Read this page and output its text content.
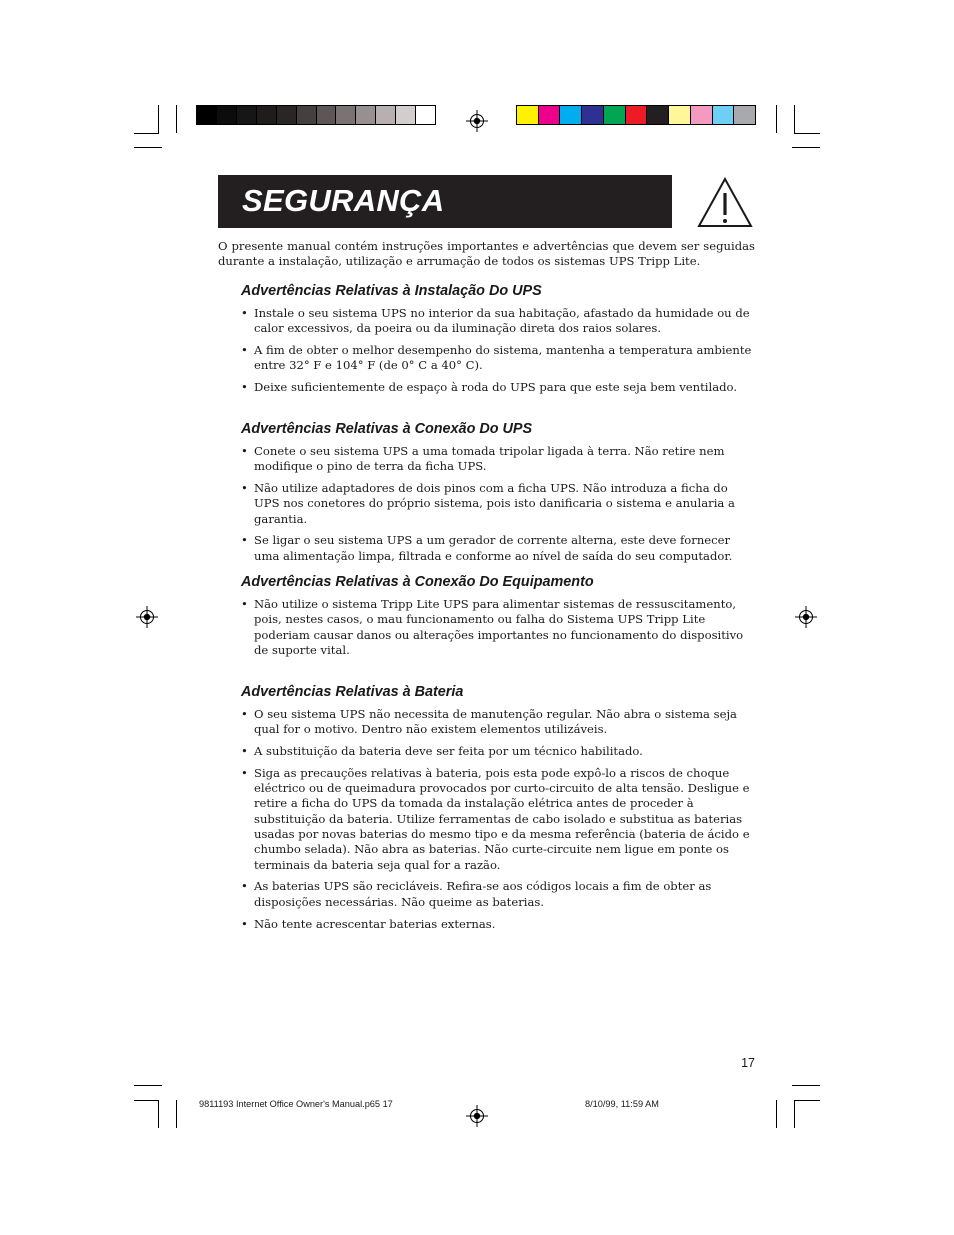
SEGURANÇA
O presente manual contém instruções importantes e advertências que devem ser seguidas durante a instalação, utilização e arrumação de todos os sistemas UPS Tripp Lite.
Advertências Relativas à Instalação Do UPS
• Instale o seu sistema UPS no interior da sua habitação, afastado da humidade ou de calor excessivos, da poeira ou da iluminação direta dos raios solares.
• A fim de obter o melhor desempenho do sistema, mantenha a temperatura ambiente entre 32° F e 104° F (de 0° C a 40° C).
• Deixe suficientemente de espaço à roda do UPS para que este seja bem ventilado.
Advertências Relativas à Conexão Do UPS
• Conete o seu sistema UPS a uma tomada tripolar ligada à terra. Não retire nem modifique o pino de terra da ficha UPS.
• Não utilize adaptadores de dois pinos com a ficha UPS. Não introduza a ficha do UPS nos conetores do próprio sistema, pois isto danificaria o sistema e anularia a garantia.
• Se ligar o seu sistema UPS a um gerador de corrente alterna, este deve fornecer uma alimentação limpa, filtrada e conforme ao nível de saída do seu computador.
Advertências Relativas à Conexão Do Equipamento
• Não utilize o sistema Tripp Lite UPS para alimentar sistemas de ressuscitamento, pois, nestes casos, o mau funcionamento ou falha do Sistema UPS Tripp Lite poderiam causar danos ou alterações importantes no funcionamento do dispositivo de suporte vital.
Advertências Relativas à Bateria
• O seu sistema UPS não necessita de manutenção regular. Não abra o sistema seja qual for o motivo. Dentro não existem elementos utilizáveis.
• A substituição da bateria deve ser feita por um técnico habilitado.
• Siga as precauções relativas à bateria, pois esta pode expô-lo a riscos de choque eléctrico ou de queimadura provocados por curto-circuito de alta tensão. Desligue e retire a ficha do UPS da tomada da instalação elétrica antes de proceder à substituição da bateria. Utilize ferramentas de cabo isolado e substitua as baterias usadas por novas baterias do mesmo tipo e da mesma referência (bateria de ácido e chumbo selada). Não abra as baterias. Não curte-circuite nem ligue em ponte os terminais da bateria seja qual for a razão.
• As baterias UPS são recicláveis. Refira-se aos códigos locais a fim de obter as disposições necessárias. Não queime as baterias.
• Não tente acrescentar baterias externas.
17
9811193 Internet Office Owner's Manual.p65 17	8/10/99, 11:59 AM
